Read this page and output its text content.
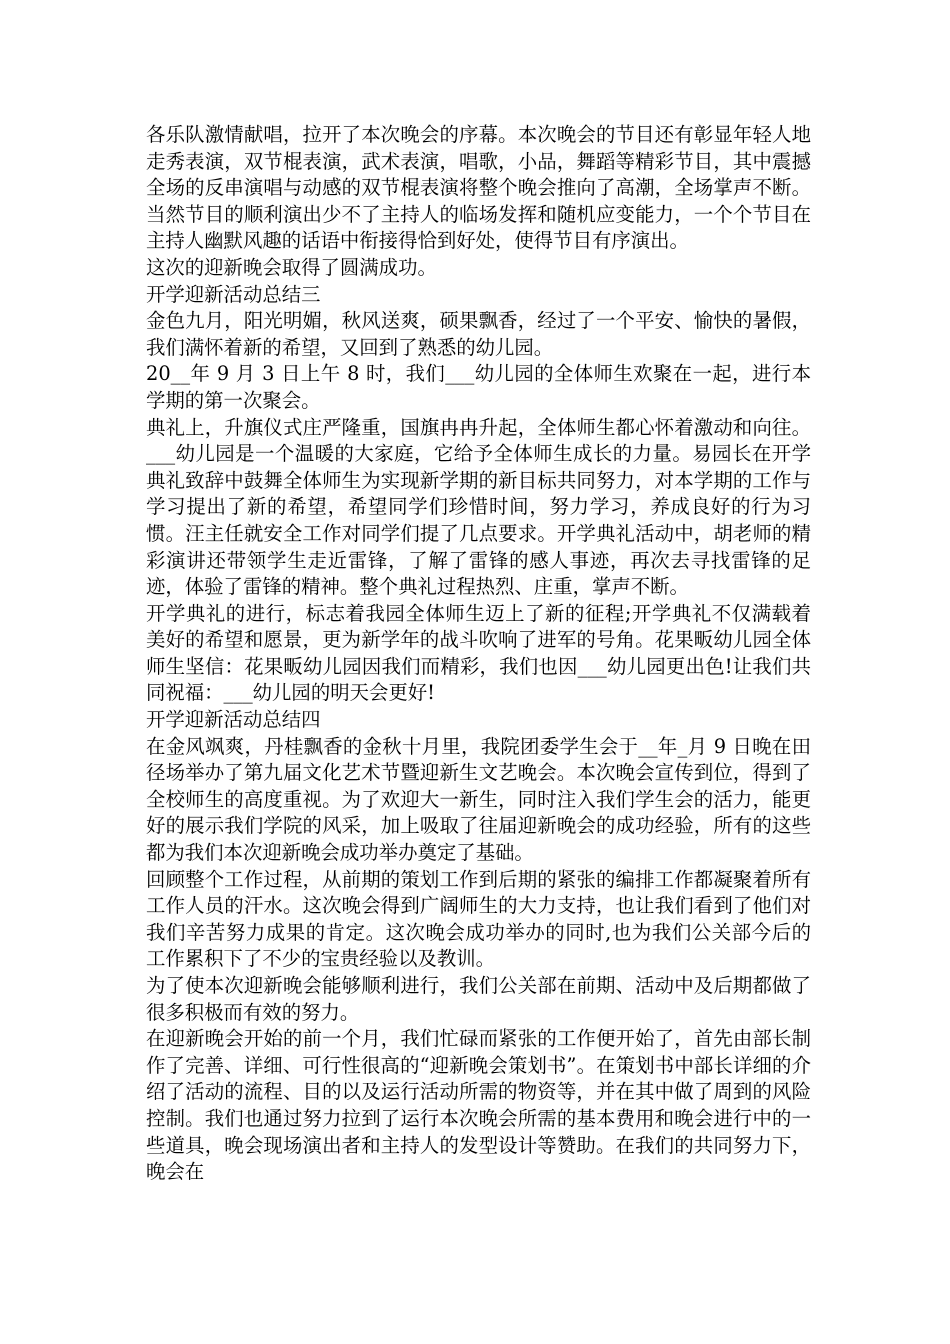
各乐队激情献唱，拉开了本次晚会的序幕。本次晚会的节目还有彰显年轻人地走秀表演，双节棍表演，武术表演，唱歌，小品，舞蹈等精彩节目，其中震撼全场的反串演唱与动感的双节棍表演将整个晚会推向了高潮，全场掌声不断。当然节目的顺利演出少不了主持人的临场发挥和随机应变能力，一个个节目在主持人幽默风趣的话语中衔接得恰到好处，使得节目有序演出。

这次的迎新晚会取得了圆满成功。

开学迎新活动总结三

金色九月，阳光明媚，秋风送爽，硕果飘香，经过了一个平安、愉快的暑假，我们满怀着新的希望，又回到了熟悉的幼儿园。

20__年 9 月 3 日上午 8 时，我们___幼儿园的全体师生欢聚在一起，进行本学期的第一次聚会。

典礼上，升旗仪式庄严隆重，国旗冉冉升起，全体师生都心怀着激动和向往。___幼儿园是一个温暖的大家庭，它给予全体师生成长的力量。易园长在开学典礼致辞中鼓舞全体师生为实现新学期的新目标共同努力，对本学期的工作与学习提出了新的希望，希望同学们珍惜时间，努力学习，养成良好的行为习惯。汪主任就安全工作对同学们提了几点要求。开学典礼活动中，胡老师的精彩演讲还带领学生走近雷锋，了解了雷锋的感人事迹，再次去寻找雷锋的足迹，体验了雷锋的精神。整个典礼过程热烈、庄重，掌声不断。

开学典礼的进行，标志着我园全体师生迈上了新的征程;开学典礼不仅满载着美好的希望和愿景，更为新学年的战斗吹响了进军的号角。花果畈幼儿园全体师生坚信：花果畈幼儿园因我们而精彩，我们也因___幼儿园更出色!让我们共同祝福：___幼儿园的明天会更好!

开学迎新活动总结四

在金风飒爽，丹桂飘香的金秋十月里，我院团委学生会于__年_月 9 日晚在田径场举办了第九届文化艺术节暨迎新生文艺晚会。本次晚会宣传到位，得到了全校师生的高度重视。为了欢迎大一新生，同时注入我们学生会的活力，能更好的展示我们学院的风采，加上吸取了往届迎新晚会的成功经验，所有的这些都为我们本次迎新晚会成功举办奠定了基础。

回顾整个工作过程，从前期的策划工作到后期的紧张的编排工作都凝聚着所有工作人员的汗水。这次晚会得到广阔师生的大力支持，也让我们看到了他们对我们辛苦努力成果的肯定。这次晚会成功举办的同时,也为我们公关部今后的工作累积下了不少的宝贵经验以及教训。

为了使本次迎新晚会能够顺利进行，我们公关部在前期、活动中及后期都做了很多积极而有效的努力。

在迎新晚会开始的前一个月，我们忙碌而紧张的工作便开始了，首先由部长制作了完善、详细、可行性很高的“迎新晚会策划书”。在策划书中部长详细的介绍了活动的流程、目的以及运行活动所需的物资等，并在其中做了周到的风险控制。我们也通过努力拉到了运行本次晚会所需的基本费用和晚会进行中的一些道具，晚会现场演出者和主持人的发型设计等赞助。在我们的共同努力下，晚会在
